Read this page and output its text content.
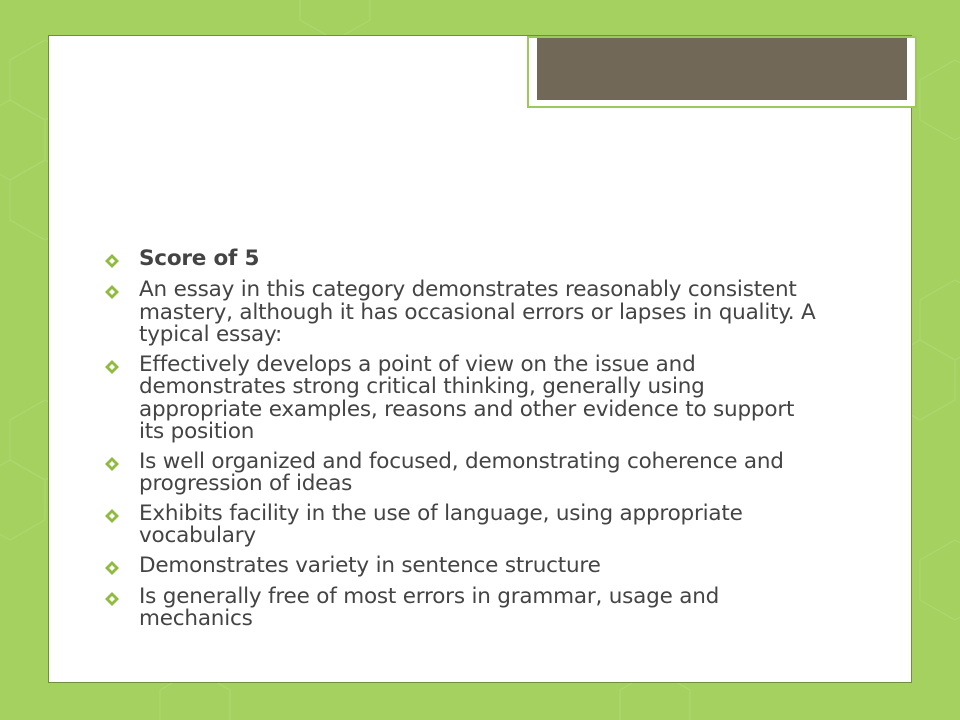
Score of 5
An essay in this category demonstrates reasonably consistent mastery, although it has occasional errors or lapses in quality. A typical essay:
Effectively develops a point of view on the issue and demonstrates strong critical thinking, generally using appropriate examples, reasons and other evidence to support its position
Is well organized and focused, demonstrating coherence and progression of ideas
Exhibits facility in the use of language, using appropriate vocabulary
Demonstrates variety in sentence structure
Is generally free of most errors in grammar, usage and mechanics
